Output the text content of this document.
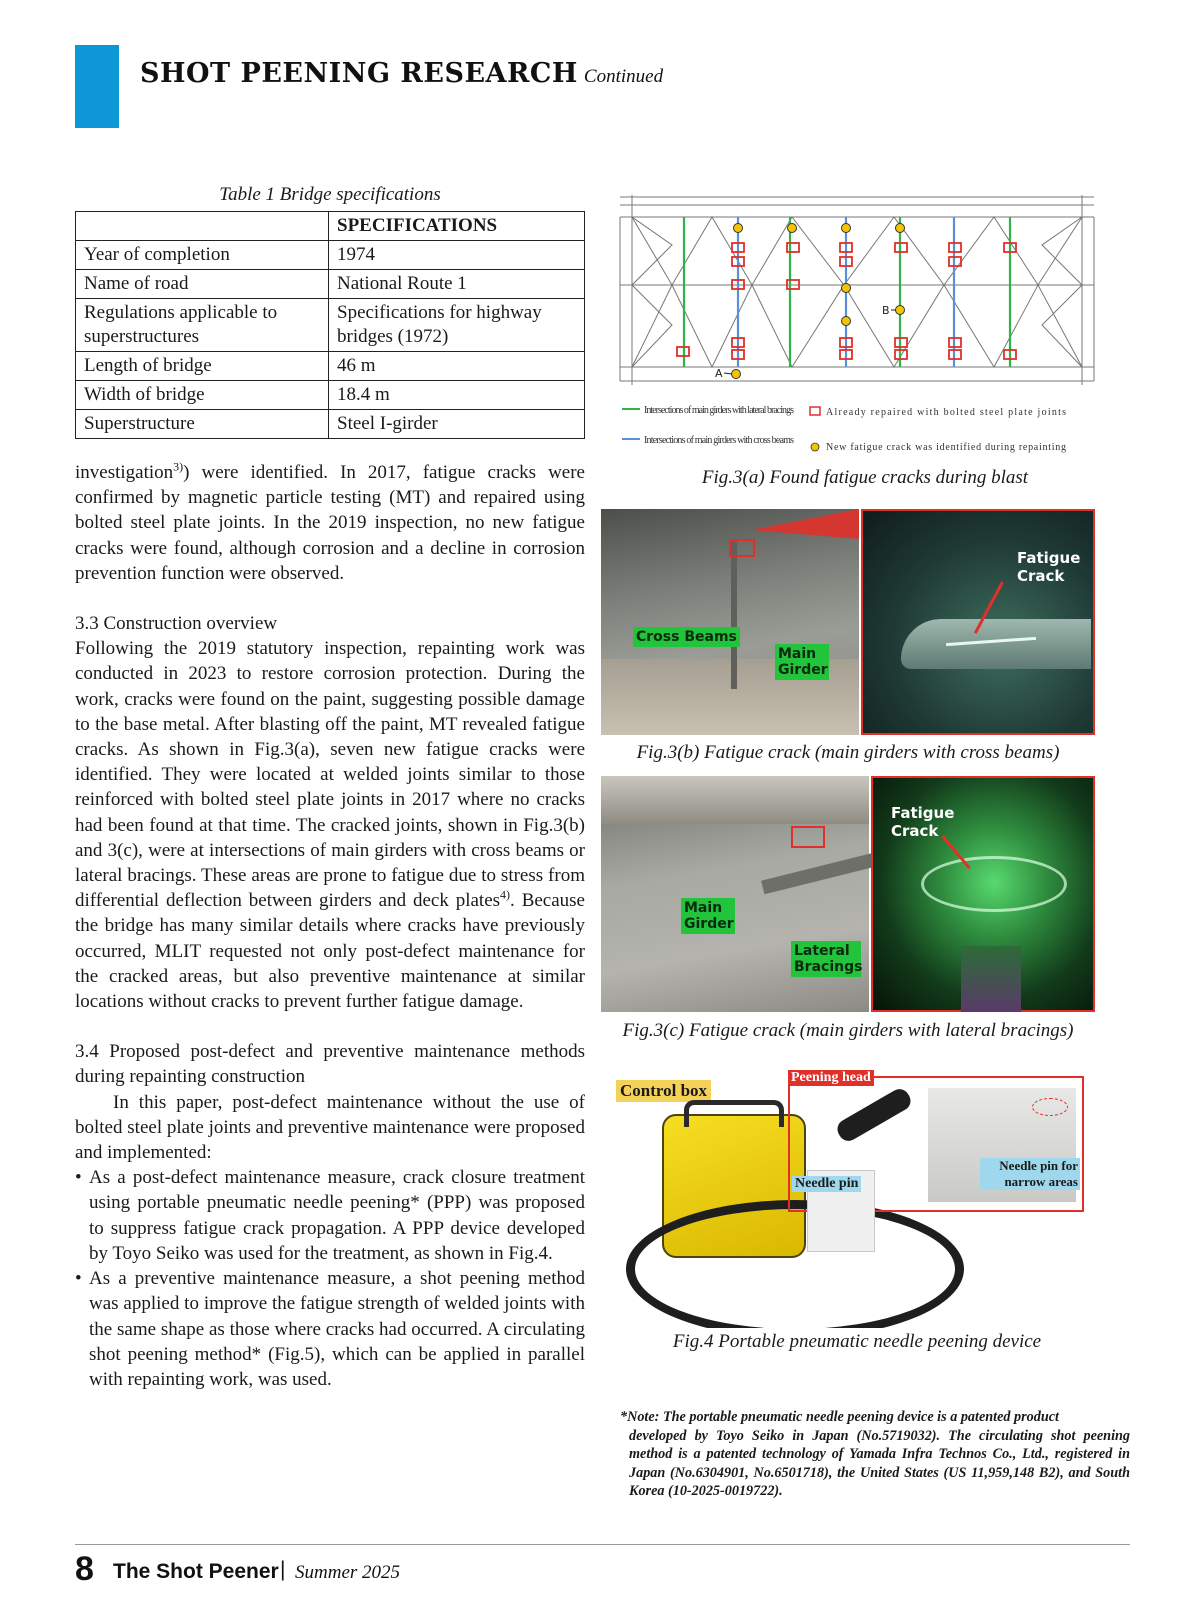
SHOT PEENING RESEARCH Continued
Table 1 Bridge specifications
	SPECIFICATIONS
Year of completion	1974
Name of road	National Route 1
Regulations applicable to superstructures	Specifications for highway bridges (1972)
Length of bridge	46 m
Width of bridge	18.4 m
Superstructure	Steel I-girder

investigation$^{3)}$) were identified. In 2017, fatigue cracks were confirmed by magnetic particle testing (MT) and repaired using bolted steel plate joints. In the 2019 inspection, no new fatigue cracks were found, although corrosion and a decline in corrosion prevention function were observed.

3.3 Construction overview

Following the 2019 statutory inspection, repainting work was conducted in 2023 to restore corrosion protection. During the work, cracks were found on the paint, suggesting possible damage to the base metal. After blasting off the paint, MT revealed fatigue cracks. As shown in Fig.3(a), seven new fatigue cracks were identified. They were located at welded joints similar to those reinforced with bolted steel plate joints in 2017 where no cracks had been found at that time. The cracked joints, shown in Fig.3(b) and 3(c), were at intersections of main girders with cross beams or lateral bracings. These areas are prone to fatigue due to stress from differential deflection between girders and deck plates$^{4)}$. Because the bridge has many similar details where cracks have previously occurred, MLIT requested not only post-defect maintenance for the cracked areas, but also preventive maintenance at similar locations without cracks to prevent further fatigue damage.

3.4 Proposed post-defect and preventive maintenance methods during repainting construction

In this paper, post-defect maintenance without the use of bolted steel plate joints and preventive maintenance were proposed and implemented:

• As a post-defect maintenance measure, crack closure treatment using portable pneumatic needle peening* (PPP) was proposed to suppress fatigue crack propagation. A PPP device developed by Toyo Seiko was used for the treatment, as shown in Fig.4.
• As a preventive maintenance measure, a shot peening method was applied to improve the fatigue strength of welded joints with the same shape as those where cracks had occurred. A circulating shot peening method* (Fig.5), which can be applied in parallel with repainting work, was used.
A
B
Intersections of main girders with lateral bracings
Intersections of main girders with cross beams
Already repaired with bolted steel plate joints
New fatigue crack was identified during repainting
Fig.3(a) Found fatigue cracks during blast
Cross Beams
Main Girder
Fatigue Crack
Fig.3(b) Fatigue crack (main girders with cross beams)
Main Girder
Lateral Bracings
Fatigue Crack
Fig.3(c) Fatigue crack (main girders with lateral bracings)
Control box
Peening head
Needle pin
Needle pin for narrow areas
Fig.4 Portable pneumatic needle peening device
*Note: The portable pneumatic needle peening device is a patented product
developed by Toyo Seiko in Japan (No.5719032). The circulating shot peening method is a patented technology of Yamada Infra Technos Co., Ltd., registered in Japan (No.6304901, No.6501718), the United States (US 11,959,148 B2), and South Korea (10-2025-0019722).
8 The Shot Peener | Summer 2025
